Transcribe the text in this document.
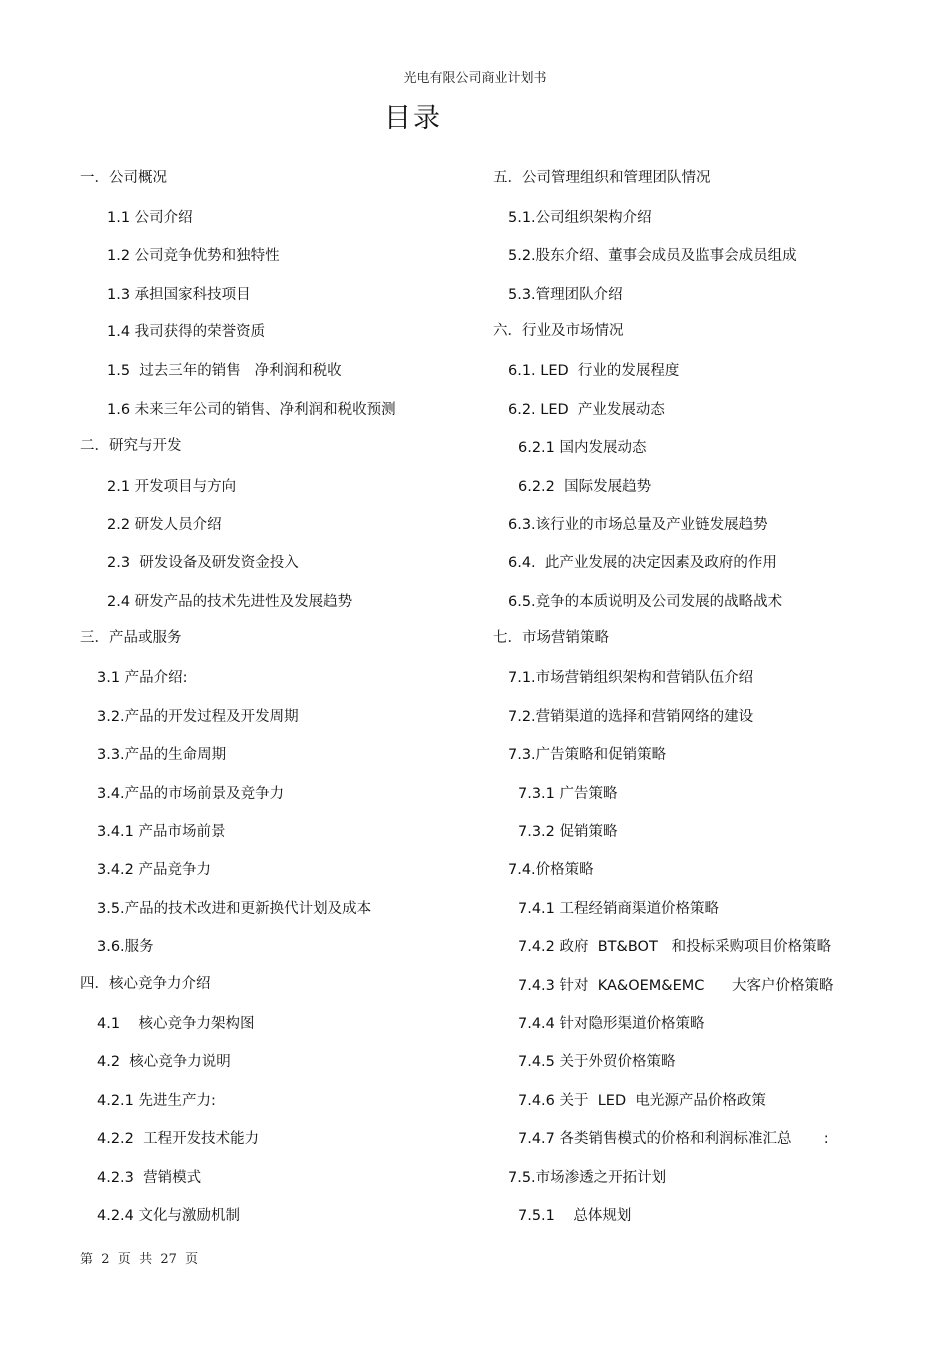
光电有限公司商业计划书
目录
一．公司概况
1.1 公司介绍
1.2 公司竞争优势和独特性
1.3 承担国家科技项目
1.4 我司获得的荣誉资质
1.5  过去三年的销售   净利润和税收
1.6 未来三年公司的销售、净利润和税收预测
二．研究与开发
2.1 开发项目与方向
2.2 研发人员介绍
2.3  研发设备及研发资金投入
2.4 研发产品的技术先进性及发展趋势
三．产品或服务
3.1 产品介绍:
3.2.产品的开发过程及开发周期
3.3.产品的生命周期
3.4.产品的市场前景及竞争力
3.4.1 产品市场前景
3.4.2 产品竞争力
3.5.产品的技术改进和更新换代计划及成本
3.6.服务
四．核心竞争力介绍
4.1    核心竞争力架构图
4.2  核心竞争力说明
4.2.1 先进生产力:
4.2.2  工程开发技术能力
4.2.3  营销模式
4.2.4 文化与激励机制
五．公司管理组织和管理团队情况
5.1.公司组织架构介绍
5.2.股东介绍、董事会成员及监事会成员组成
5.3.管理团队介绍
六．行业及市场情况
6.1. LED  行业的发展程度
6.2. LED  产业发展动态
6.2.1 国内发展动态
6.2.2  国际发展趋势
6.3.该行业的市场总量及产业链发展趋势
6.4.  此产业发展的决定因素及政府的作用
6.5.竞争的本质说明及公司发展的战略战术
七．市场营销策略
7.1.市场营销组织架构和营销队伍介绍
7.2.营销渠道的选择和营销网络的建设
7.3.广告策略和促销策略
7.3.1 广告策略
7.3.2 促销策略
7.4.价格策略
7.4.1 工程经销商渠道价格策略
7.4.2 政府  BT&BOT   和投标采购项目价格策略
7.4.3 针对  KA&OEM&EMC      大客户价格策略
7.4.4 针对隐形渠道价格策略
7.4.5 关于外贸价格策略
7.4.6 关于  LED  电光源产品价格政策
7.4.7 各类销售模式的价格和利润标准汇总       :
7.5.市场渗透之开拓计划
7.5.1    总体规划
第  2  页  共  27  页
